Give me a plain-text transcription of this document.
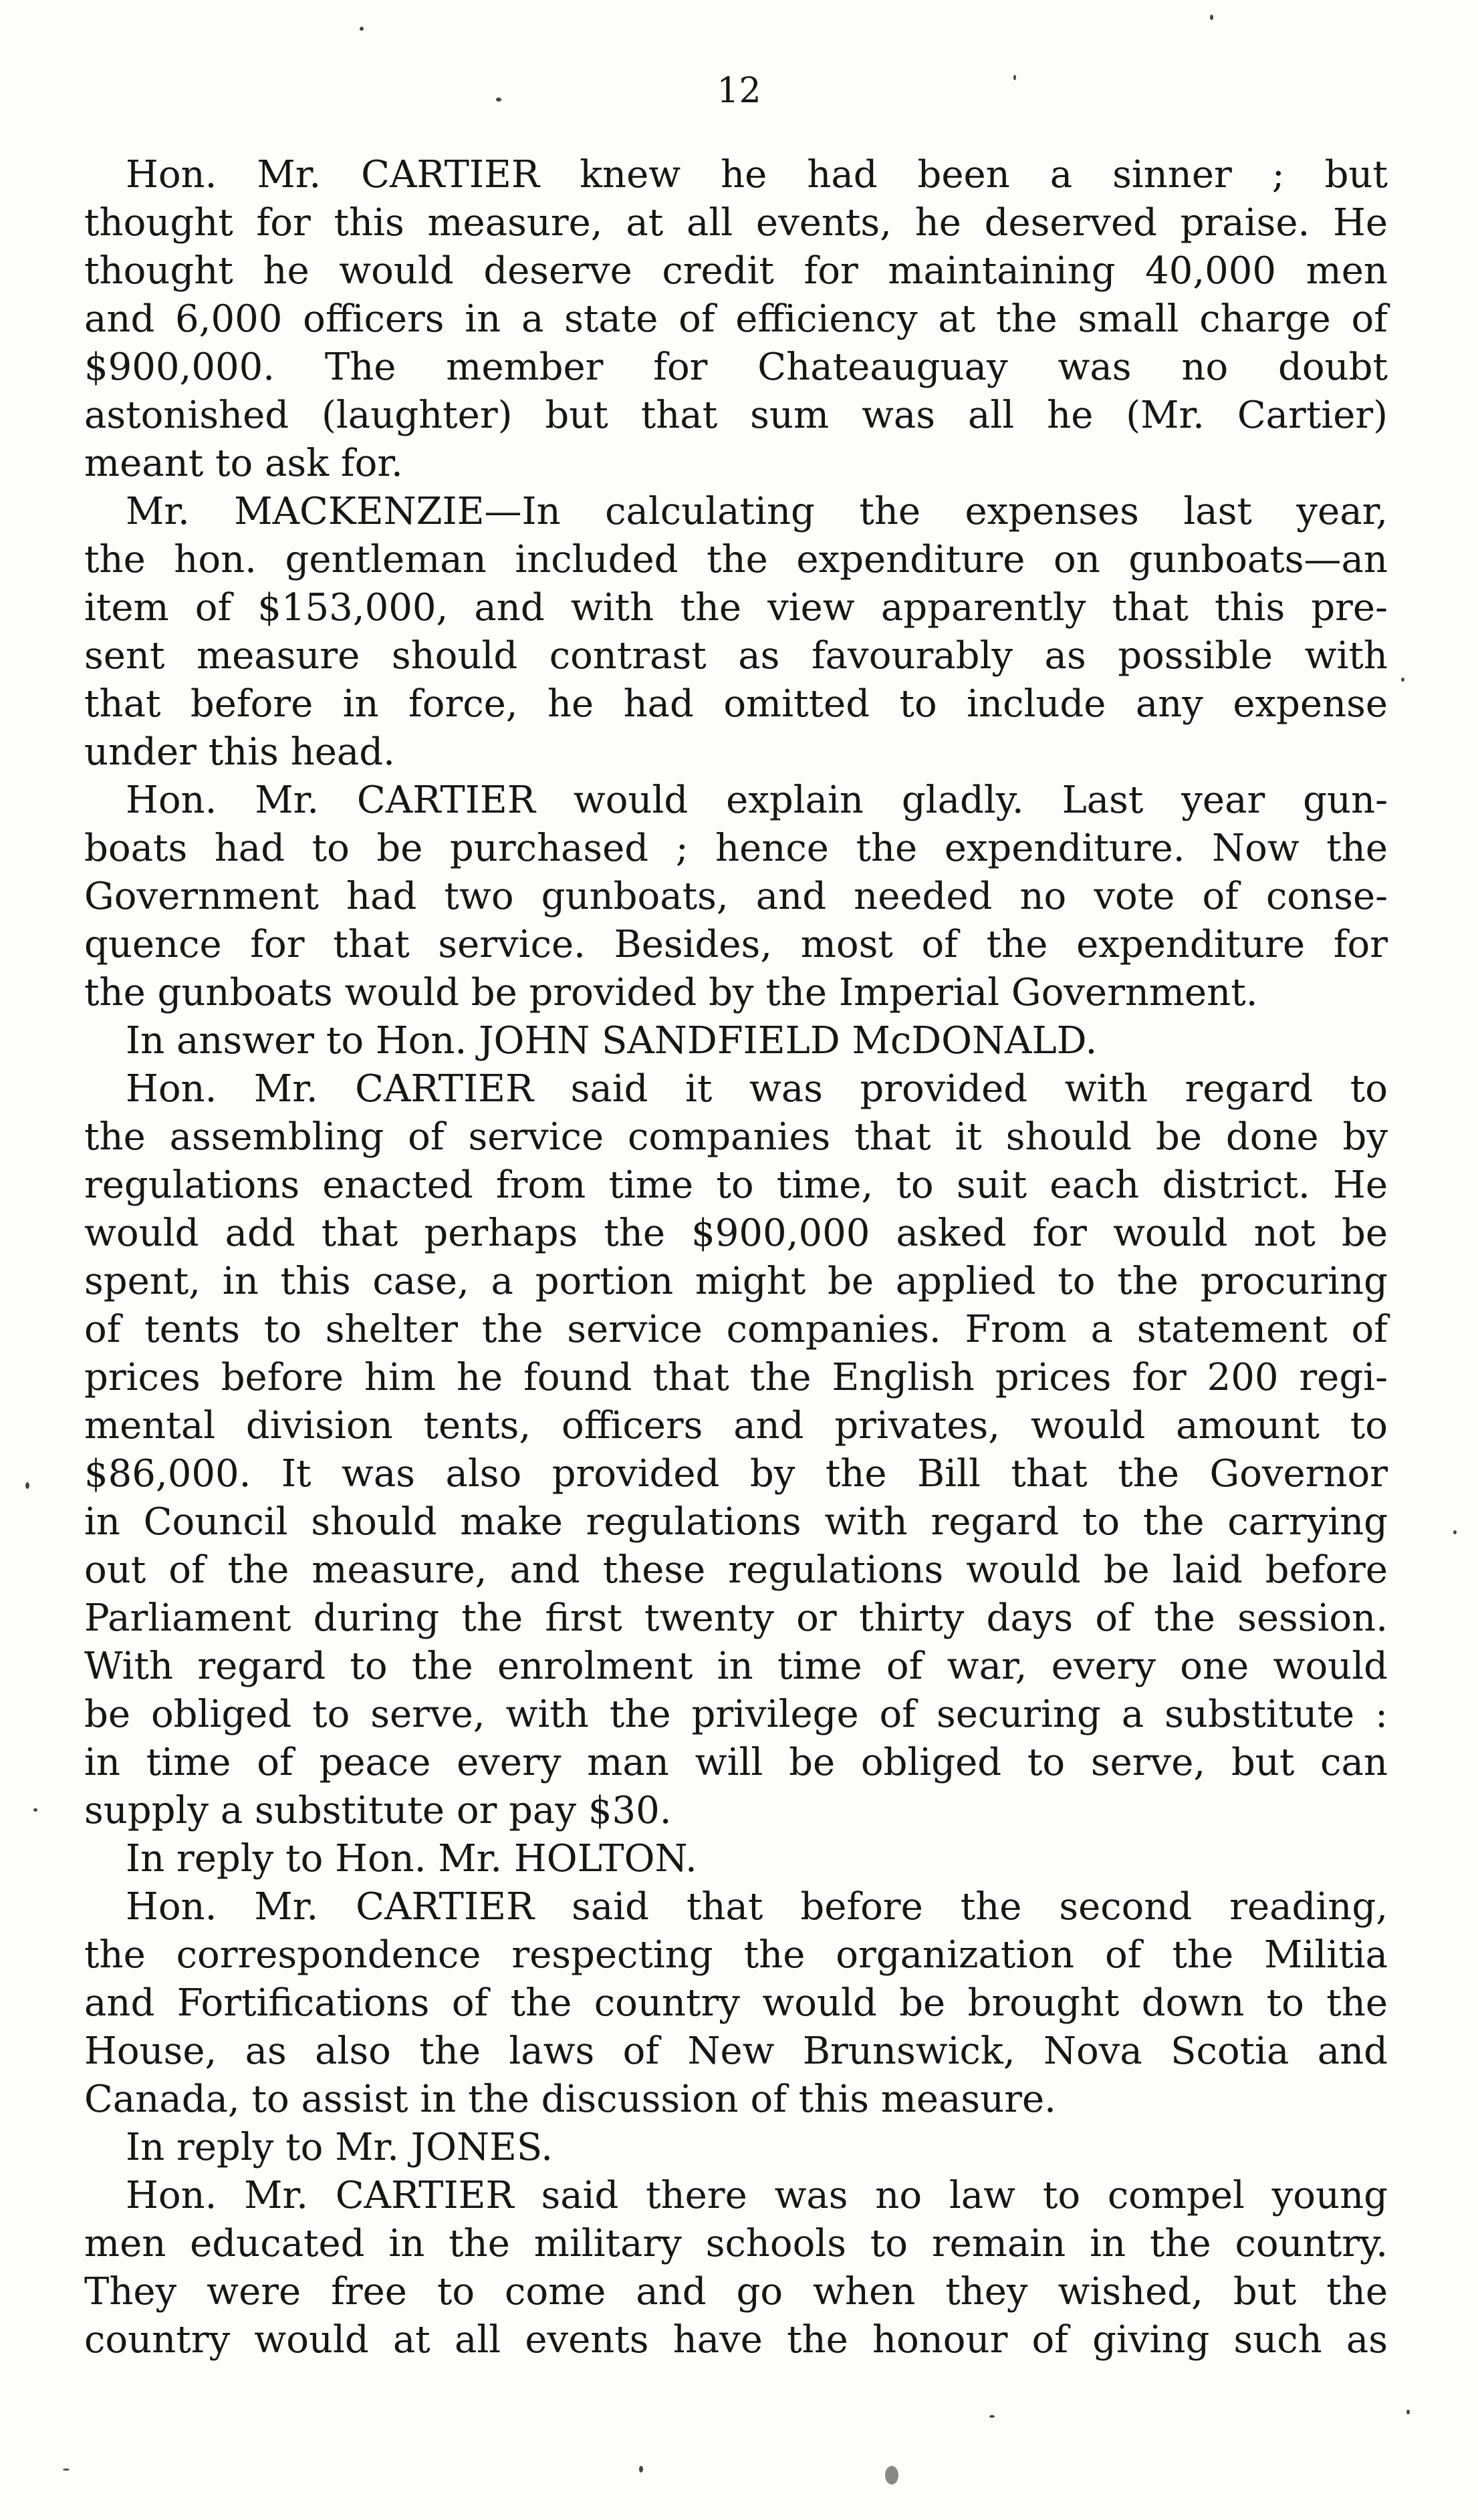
12
Hon. Mr. CARTIER knew he had been a sinner ; but
thought for this measure, at all events, he deserved praise. He
thought he would deserve credit for maintaining 40,000 men
and 6,000 officers in a state of efficiency at the small charge of
$900,000. The member for Chateauguay was no doubt
astonished (laughter) but that sum was all he (Mr. Cartier)
meant to ask for.
Mr. MACKENZIE—In calculating the expenses last year,
the hon. gentleman included the expenditure on gunboats—an
item of $153,000, and with the view apparently that this pre-
sent measure should contrast as favourably as possible with
that before in force, he had omitted to include any expense
under this head.
Hon. Mr. CARTIER would explain gladly. Last year gun-
boats had to be purchased ; hence the expenditure. Now the
Government had two gunboats, and needed no vote of conse-
quence for that service. Besides, most of the expenditure for
the gunboats would be provided by the Imperial Government.
In answer to Hon. JOHN SANDFIELD McDONALD.
Hon. Mr. CARTIER said it was provided with regard to
the assembling of service companies that it should be done by
regulations enacted from time to time, to suit each district. He
would add that perhaps the $900,000 asked for would not be
spent, in this case, a portion might be applied to the procuring
of tents to shelter the service companies. From a statement of
prices before him he found that the English prices for 200 regi-
mental division tents, officers and privates, would amount to
$86,000. It was also provided by the Bill that the Governor
in Council should make regulations with regard to the carrying
out of the measure, and these regulations would be laid before
Parliament during the first twenty or thirty days of the session.
With regard to the enrolment in time of war, every one would
be obliged to serve, with the privilege of securing a substitute :
in time of peace every man will be obliged to serve, but can
supply a substitute or pay $30.
In reply to Hon. Mr. HOLTON.
Hon. Mr. CARTIER said that before the second reading,
the correspondence respecting the organization of the Militia
and Fortifications of the country would be brought down to the
House, as also the laws of New Brunswick, Nova Scotia and
Canada, to assist in the discussion of this measure.
In reply to Mr. JONES.
Hon. Mr. CARTIER said there was no law to compel young
men educated in the military schools to remain in the country.
They were free to come and go when they wished, but the
country would at all events have the honour of giving such as
